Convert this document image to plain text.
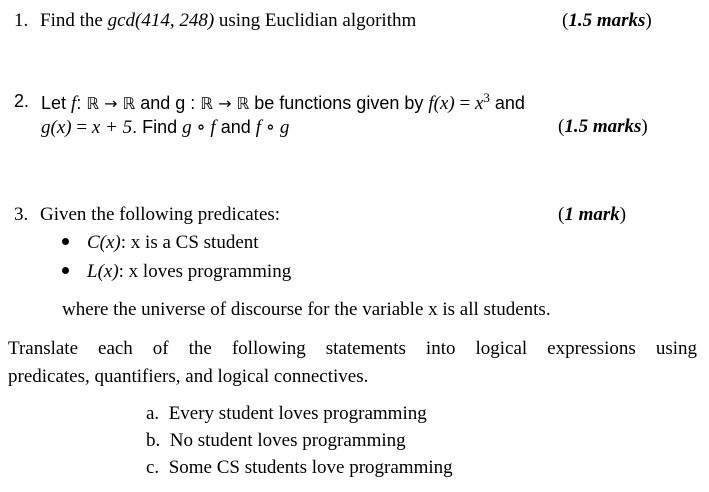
1. Find the gcd(414, 248) using Euclidian algorithm	(1.5 marks)
2. Let f: ℝ → ℝ and g : ℝ → ℝ be functions given by $f(x) = x^3$ and
g(x) = x + 5. Find g ∘ f and f ∘ g	(1.5 marks)
3. Given the following predicates:	(1 mark)
C(x): x is a CS student
L(x): x loves programming
where the universe of discourse for the variable x is all students.
Translate each of the following statements into logical expressions using
predicates, quantifiers, and logical connectives.
a. Every student loves programming
b. No student loves programming
c. Some CS students love programming
